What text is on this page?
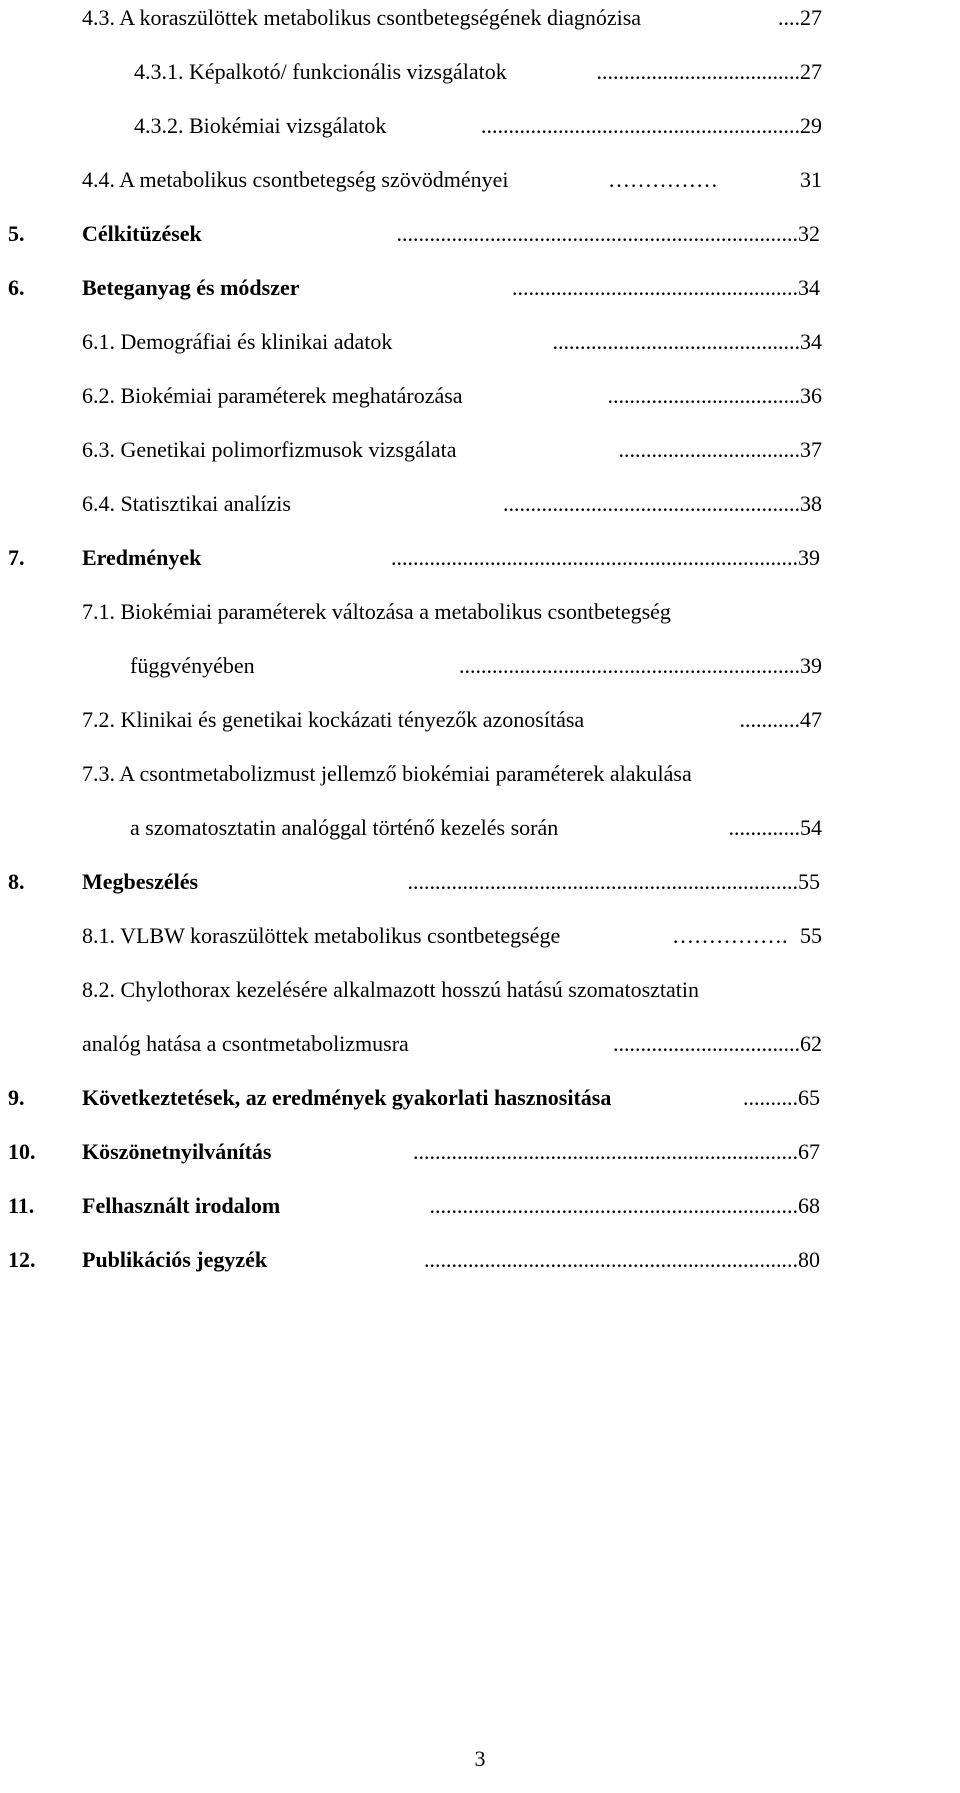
4.3. A koraszülöttek metabolikus csontbetegségének diagnózisa	.... 27
4.3.1. Képalkotó/ funkcionális vizsgálatok	..................................... 27
4.3.2. Biokémiai vizsgálatok	.......................................................... 29
4.4. A metabolikus csontbetegség szövödményei	……………	31
5.	Célkitüzések	......................................................................... 32
6.	Beteganyag és módszer	.................................................... 34
6.1. Demográfiai és klinikai adatok	............................................. 34
6.2. Biokémiai paraméterek meghatározása	................................... 36
6.3. Genetikai polimorfizmusok vizsgálata	................................. 37
6.4. Statisztikai analízis	...................................................... 38
7.	Eredmények	.......................................................................... 39
7.1. Biokémiai paraméterek változása a metabolikus csontbetegség
függvényében	.............................................................. 39
7.2. Klinikai és genetikai kockázati tényezők azonosítása	........... 47
7.3. A csontmetabolizmust jellemző biokémiai paraméterek alakulása
a szomatosztatin analóggal történő kezelés során	............. 54
8.	Megbeszélés	....................................................................... 55
8.1. VLBW koraszülöttek metabolikus csontbetegsége	……………. 55
8.2. Chylothorax kezelésére alkalmazott hosszú hatású szomatosztatin
analóg hatása a csontmetabolizmusra	.................................. 62
9.	Következtetések, az eredmények gyakorlati hasznositása	.......... 65
10. Köszönetnyilvánítás	...................................................................... 67
11. Felhasznált irodalom	................................................................... 68
12. Publikációs jegyzék	.................................................................... 80
3
